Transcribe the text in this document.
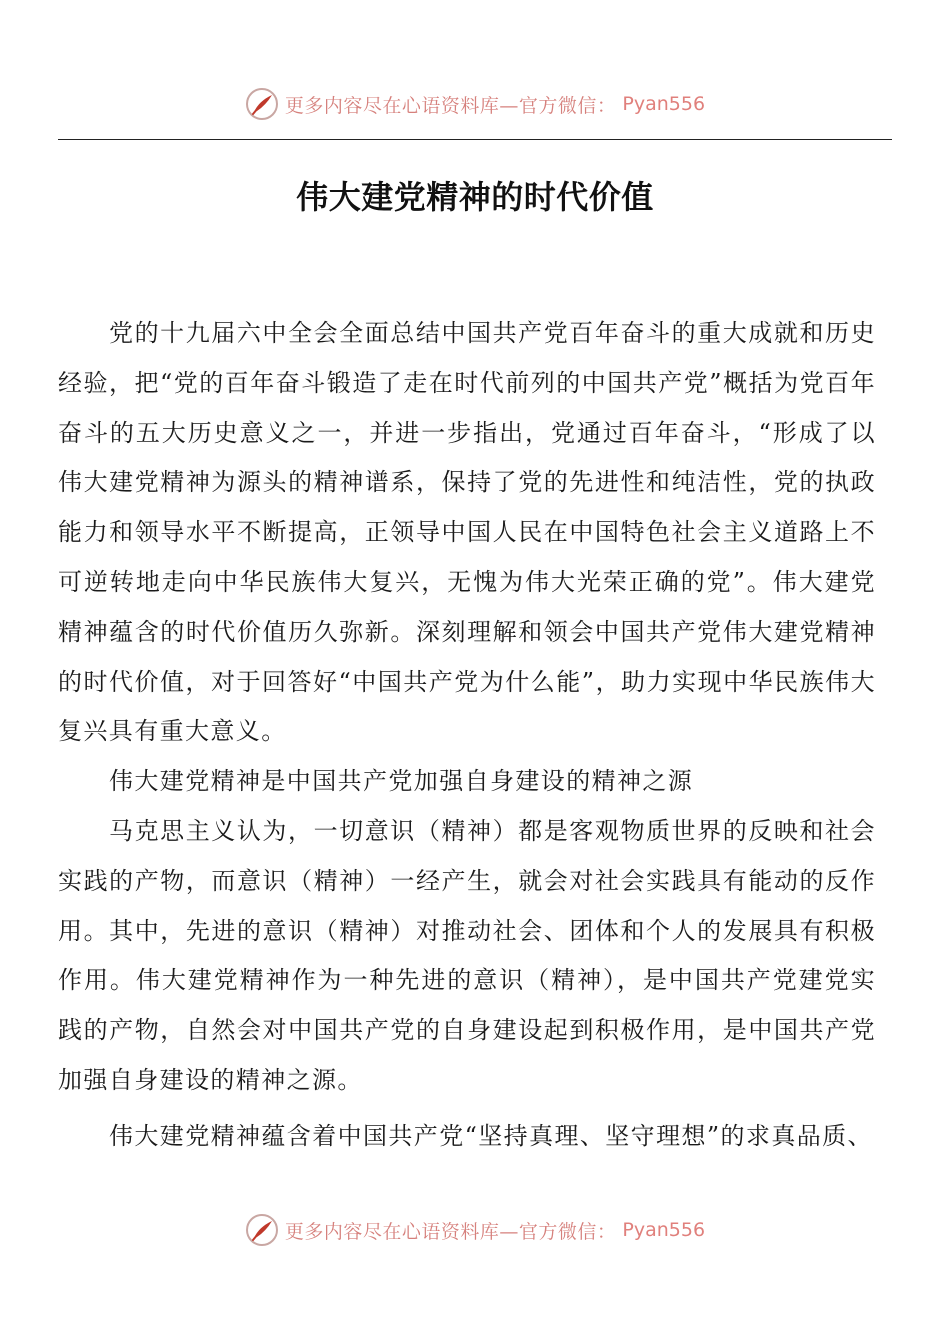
更多内容尽在心语资料库—官方微信： Pyan556
伟大建党精神的时代价值

党的十九届六中全会全面总结中国共产党百年奋斗的重大成就和历史经验，把“党的百年奋斗锻造了走在时代前列的中国共产党”概括为党百年奋斗的五大历史意义之一，并进一步指出，党通过百年奋斗，“形成了以伟大建党精神为源头的精神谱系，保持了党的先进性和纯洁性，党的执政能力和领导水平不断提高，正领导中国人民在中国特色社会主义道路上不可逆转地走向中华民族伟大复兴，无愧为伟大光荣正确的党”。伟大建党精神蕴含的时代价值历久弥新。深刻理解和领会中国共产党伟大建党精神的时代价值，对于回答好“中国共产党为什么能”，助力实现中华民族伟大复兴具有重大意义。

伟大建党精神是中国共产党加强自身建设的精神之源

马克思主义认为，一切意识（精神）都是客观物质世界的反映和社会实践的产物，而意识（精神）一经产生，就会对社会实践具有能动的反作用。其中，先进的意识（精神）对推动社会、团体和个人的发展具有积极作用。伟大建党精神作为一种先进的意识（精神），是中国共产党建党实践的产物，自然会对中国共产党的自身建设起到积极作用，是中国共产党加强自身建设的精神之源。

伟大建党精神蕴含着中国共产党“坚持真理、坚守理想”的求真品质、

更多内容尽在心语资料库—官方微信： Pyan556
